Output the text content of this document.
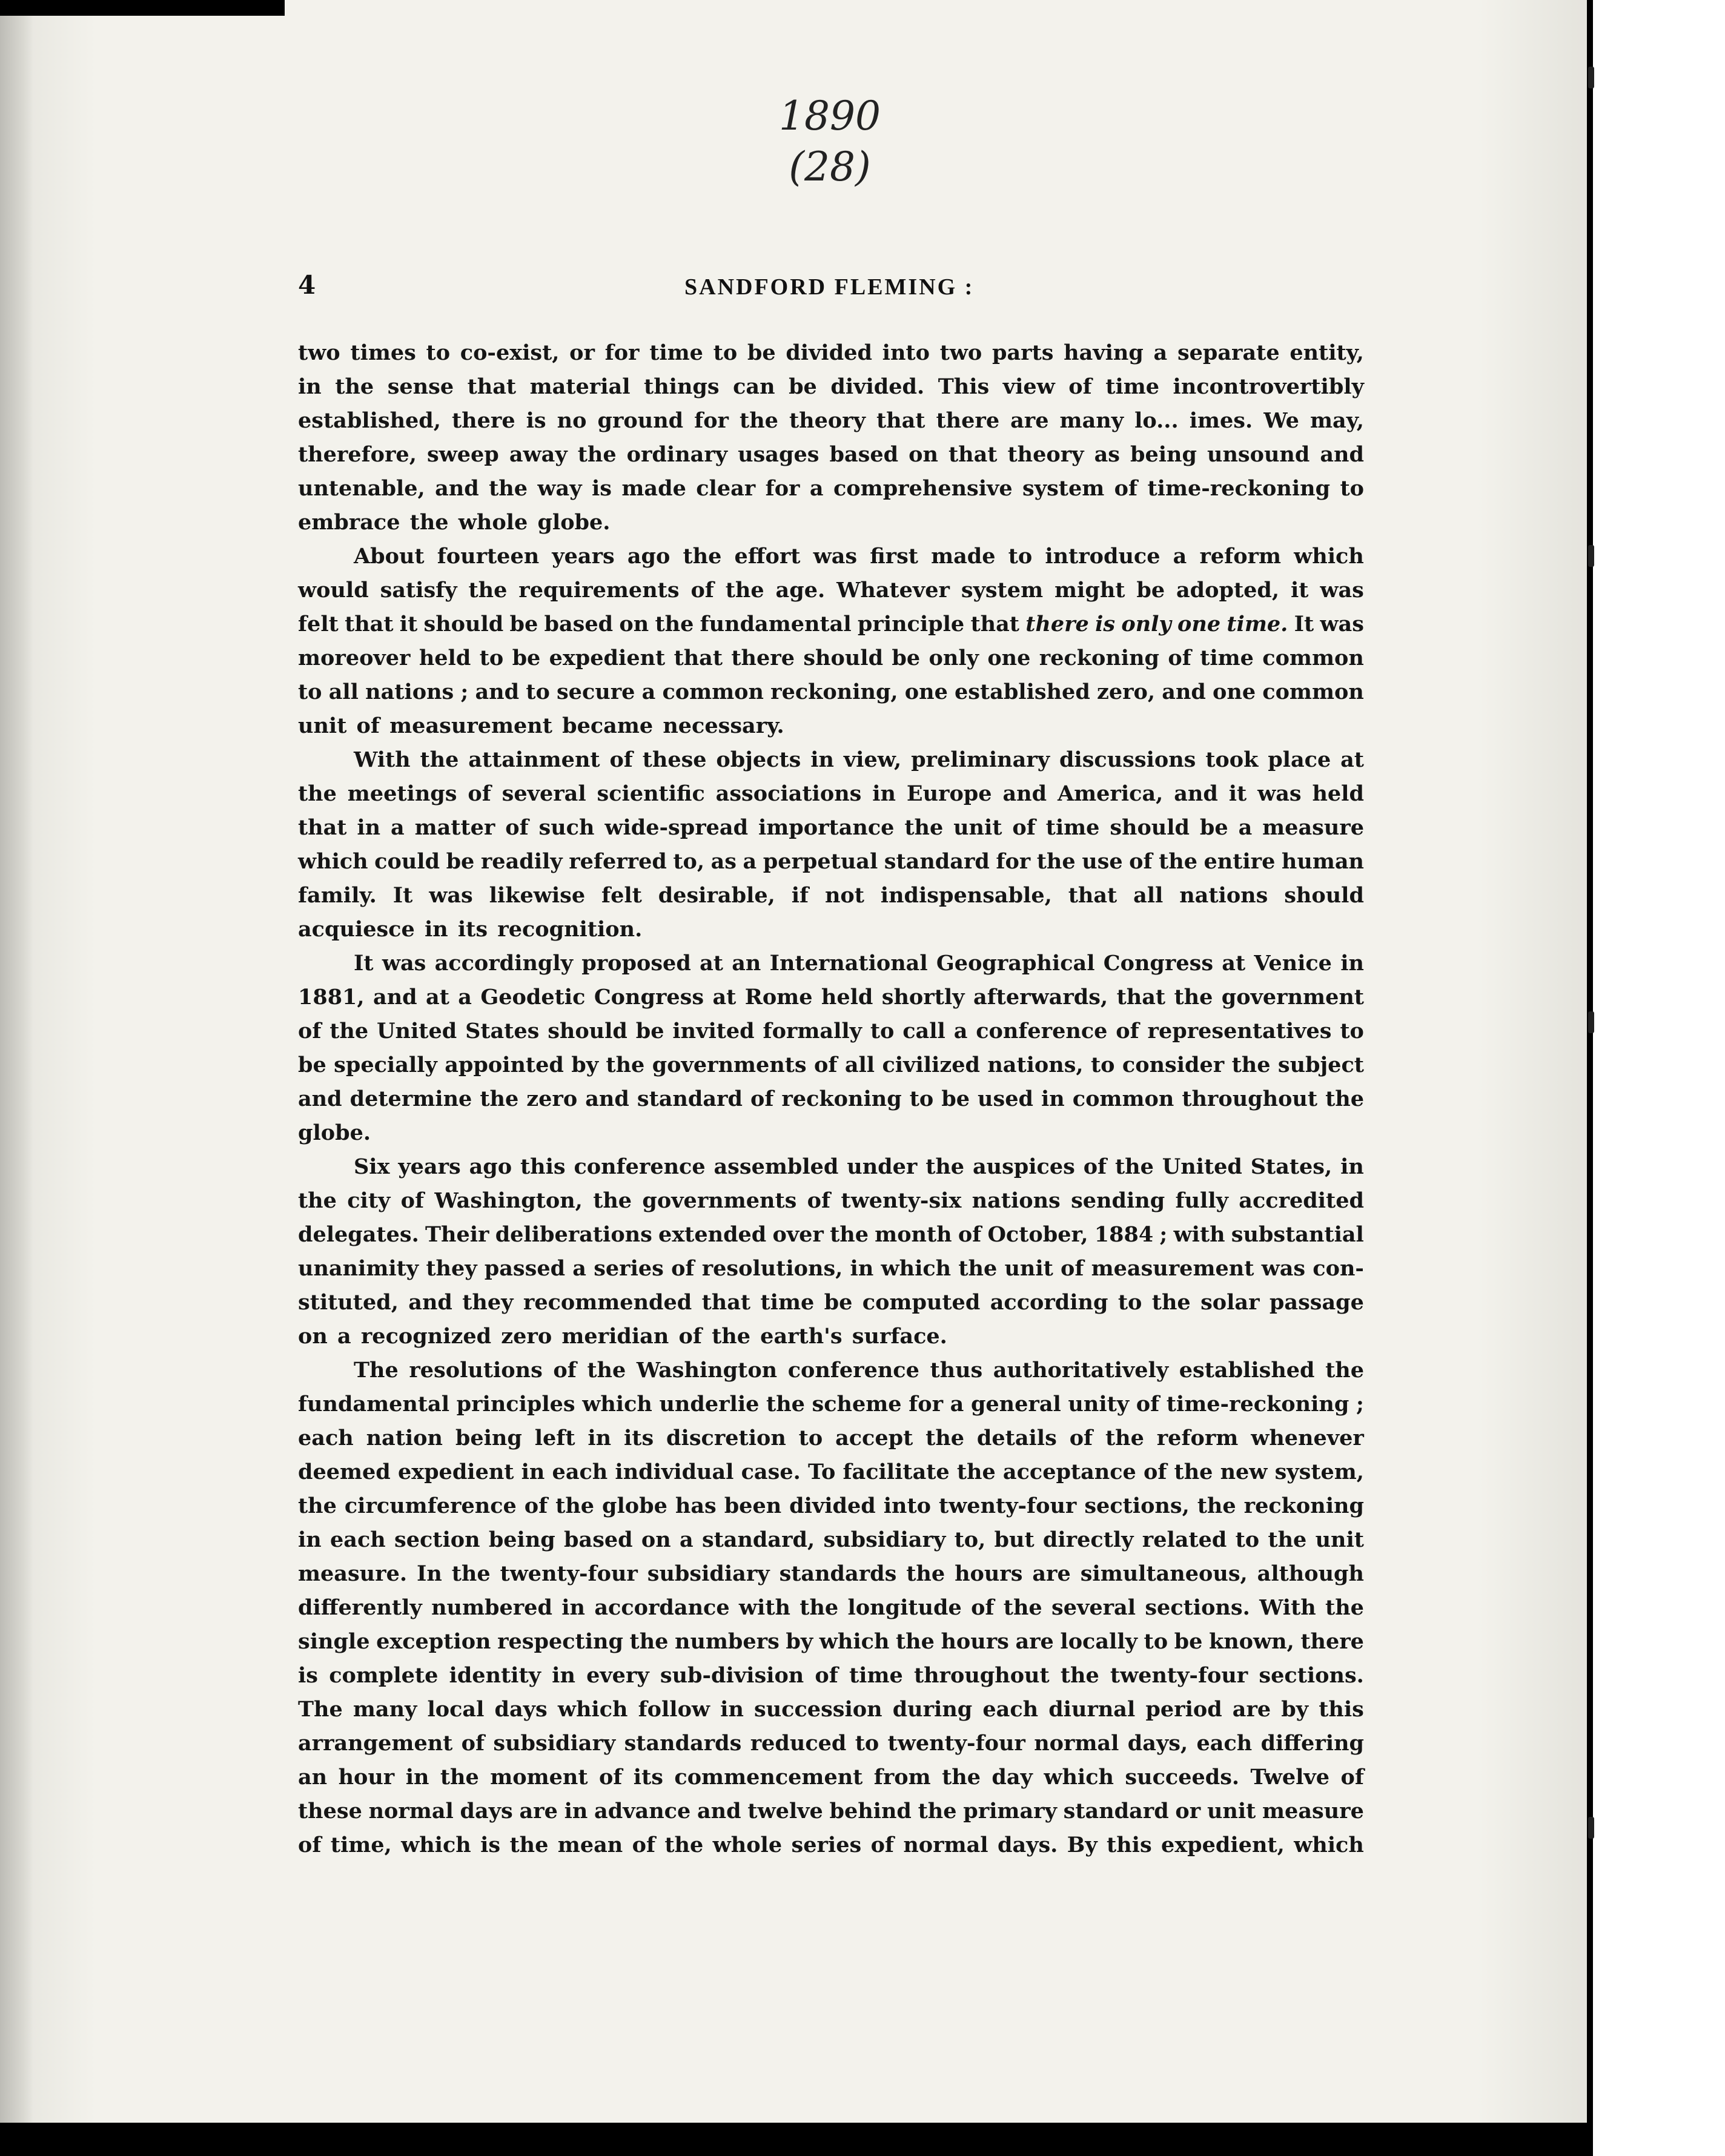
1890
(28)
4	SANDFORD FLEMING :
two times to co-exist, or for time to be divided into two parts having a separate entity,
in the sense that material things can be divided. This view of time incontrovertibly
established, there is no ground for the theory that there are many lo... imes. We may,
therefore, sweep away the ordinary usages based on that theory as being unsound and
untenable, and the way is made clear for a comprehensive system of time-reckoning to
embrace
the
whole
globe.
About fourteen years ago the effort was first made to introduce a reform which
would satisfy the requirements of the age. Whatever system might be adopted, it was
felt that it should be based on the fundamental principle that there is only one time. It was
moreover held to be expedient that there should be only one reckoning of time common
to all nations ; and to secure a common reckoning, one established zero, and one common
unit
of
measurement
became
necessary.
With the attainment of these objects in view, preliminary discussions took place at
the meetings of several scientific associations in Europe and America, and it was held
that in a matter of such wide-spread importance the unit of time should be a measure
which could be readily referred to, as a perpetual standard for the use of the entire human
family. It was likewise felt desirable, if not indispensable, that all nations should
acquiesce
in
its
recognition.
It was accordingly proposed at an International Geographical Congress at Venice in
1881, and at a Geodetic Congress at Rome held shortly afterwards, that the government
of the United States should be invited formally to call a conference of representatives to
be specially appointed by the governments of all civilized nations, to consider the subject
and determine the zero and standard of reckoning to be used in common throughout the
globe.
Six years ago this conference assembled under the auspices of the United States, in
the city of Washington, the governments of twenty-six nations sending fully accredited
delegates. Their deliberations extended over the month of October, 1884 ; with substantial
unanimity they passed a series of resolutions, in which the unit of measurement was con-
stituted, and they recommended that time be computed according to the solar passage
on
a
recognized
zero
meridian
of
the
earth's
surface.
The resolutions of the Washington conference thus authoritatively established the
fundamental principles which underlie the scheme for a general unity of time-reckoning ;
each nation being left in its discretion to accept the details of the reform whenever
deemed expedient in each individual case. To facilitate the acceptance of the new system,
the circumference of the globe has been divided into twenty-four sections, the reckoning
in each section being based on a standard, subsidiary to, but directly related to the unit
measure. In the twenty-four subsidiary standards the hours are simultaneous, although
differently numbered in accordance with the longitude of the several sections. With the
single exception respecting the numbers by which the hours are locally to be known, there
is complete identity in every sub-division of time throughout the twenty-four sections.
The many local days which follow in succession during each diurnal period are by this
arrangement of subsidiary standards reduced to twenty-four normal days, each differing
an hour in the moment of its commencement from the day which succeeds. Twelve of
these normal days are in advance and twelve behind the primary standard or unit measure
of time, which is the mean of the whole series of normal days. By this expedient, which
